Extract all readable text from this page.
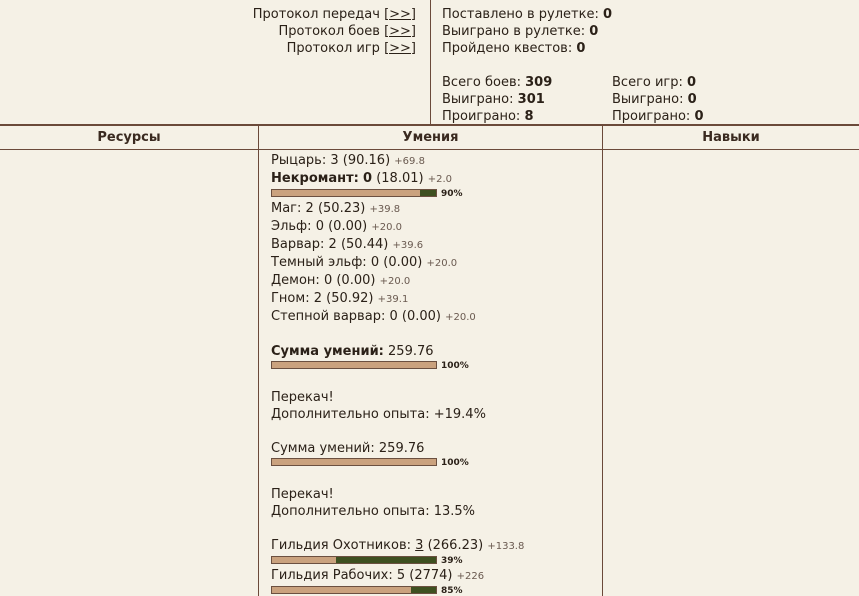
Протокол передач [>>]
Протокол боев [>>]
Протокол игр [>>]
Поставлено в рулетке: 0
Выиграно в рулетке: 0
Пройдено квестов: 0
Всего боев: 309
Выиграно: 301
Проиграно: 8
Всего игр: 0
Выиграно: 0
Проиграно: 0
Ресурсы	Умения	Навыки
Рыцарь: 3 (90.16) +69.8
Некромант: 0 (18.01) +2.0
90%
Маг: 2 (50.23) +39.8
Эльф: 0 (0.00) +20.0
Варвар: 2 (50.44) +39.6
Темный эльф: 0 (0.00) +20.0
Демон: 0 (0.00) +20.0
Гном: 2 (50.92) +39.1
Степной варвар: 0 (0.00) +20.0
Сумма умений: 259.76
100%
Перекач!
Дополнительно опыта: +19.4%
Сумма умений: 259.76
100%
Перекач!
Дополнительно опыта: 13.5%
Гильдия Охотников: 3 (266.23) +133.8
39%
Гильдия Рабочих: 5 (2774) +226
85%
